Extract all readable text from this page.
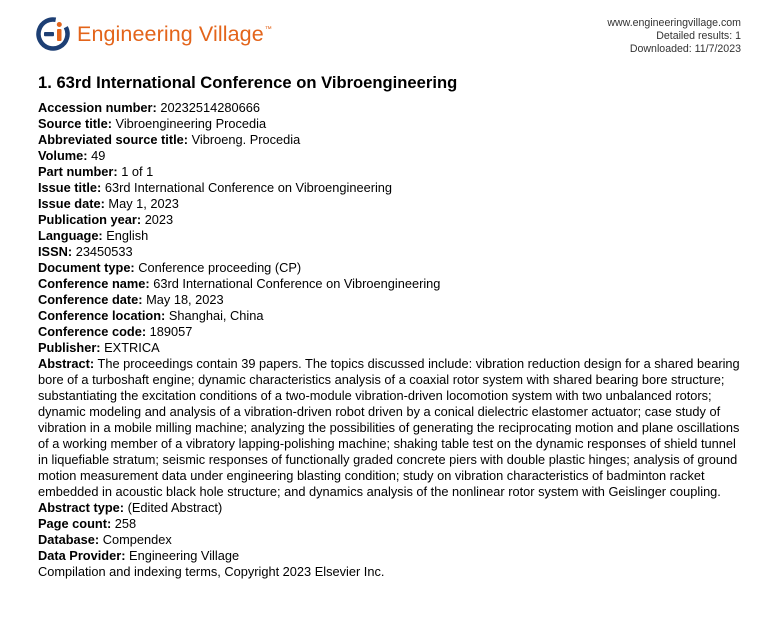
Engineering Village™	www.engineeringvillage.com
Detailed results: 1
Downloaded: 11/7/2023
1. 63rd International Conference on Vibroengineering
Accession number: 20232514280666
Source title: Vibroengineering Procedia
Abbreviated source title: Vibroeng. Procedia
Volume: 49
Part number: 1 of 1
Issue title: 63rd International Conference on Vibroengineering
Issue date: May 1, 2023
Publication year: 2023
Language: English
ISSN: 23450533
Document type: Conference proceeding (CP)
Conference name: 63rd International Conference on Vibroengineering
Conference date: May 18, 2023
Conference location: Shanghai, China
Conference code: 189057
Publisher: EXTRICA
Abstract: The proceedings contain 39 papers. The topics discussed include: vibration reduction design for a shared bearing bore of a turboshaft engine; dynamic characteristics analysis of a coaxial rotor system with shared bearing bore structure; substantiating the excitation conditions of a two-module vibration-driven locomotion system with two unbalanced rotors; dynamic modeling and analysis of a vibration-driven robot driven by a conical dielectric elastomer actuator; case study of vibration in a mobile milling machine; analyzing the possibilities of generating the reciprocating motion and plane oscillations of a working member of a vibratory lapping-polishing machine; shaking table test on the dynamic responses of shield tunnel in liquefiable stratum; seismic responses of functionally graded concrete piers with double plastic hinges; analysis of ground motion measurement data under engineering blasting condition; study on vibration characteristics of badminton racket embedded in acoustic black hole structure; and dynamics analysis of the nonlinear rotor system with Geislinger coupling.
Abstract type: (Edited Abstract)
Page count: 258
Database: Compendex
Data Provider: Engineering Village
Compilation and indexing terms, Copyright 2023 Elsevier Inc.
